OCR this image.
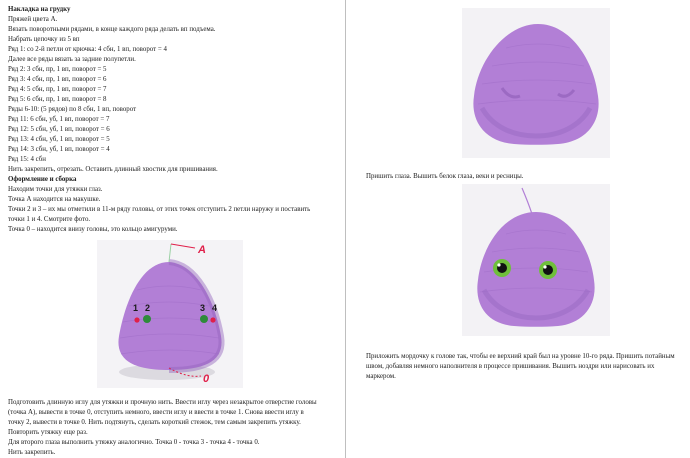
Накладка на грудку
Пряжей цвета А.
Вязать поворотными рядами, в конце каждого ряда делать вп подъема.
Набрать цепочку из 5 вп
Ряд 1: со 2-й петли от крючка: 4 сбн, 1 вп, поворот = 4
Далее все ряды вязать за задние полупетли.
Ряд 2: 3 сбн, пр, 1 вп, поворот = 5
Ряд 3: 4 сбн, пр, 1 вп, поворот = 6
Ряд 4: 5 сбн, пр, 1 вп, поворот = 7
Ряд 5: 6 сбн, пр, 1 вп, поворот = 8
Ряды 6-10: (5 рядов) по 8 сбн, 1 вп, поворот
Ряд 11: 6 сбн, уб, 1 вп, поворот = 7
Ряд 12: 5 сбн, уб, 1 вп, поворот = 6
Ряд 13: 4 сбн, уб, 1 вп, поворот = 5
Ряд 14: 3 сбн, уб, 1 вп, поворот = 4
Ряд 15: 4 сбн
Нить закрепить, отрезать. Оставить длинный хвостик для пришивания.
Оформление и сборка
Находим точки для утяжки глаз.
Точка А находится на макушке.
Точки 2 и 3 – их мы отметили в 11-м ряду головы, от этих точек отступить 2 петли наружу и поставить
точки 1 и 4. Смотрите фото.
Точка 0 – находится внизу головы, это кольцо амигуруми.
A
1 2	3 4
0
Подготовить длинную иглу для утяжки и прочную нить. Ввести иглу через незакрытое отверстие головы
(точка А), вывести в точке 0, отступить немного, ввести иглу и ввести в точке 1. Снова ввести иглу в
точку 2, вывести в точке 0. Нить подтянуть, сделать короткий стежок, тем самым закрепить утяжку.
Повторить утяжку еще раз.
Для второго глаза выполнить утяжку аналогично. Точка 0 - точка 3 - точка 4 - точка 0.
Нить закрепить.
Пришить глаза. Вышить белок глаза, веки и ресницы.
Приложить мордочку к голове так, чтобы ее верхний край был на уровне 10-го ряда. Пришить потайным швом, добавляя немного наполнителя в процессе пришивания. Вышить ноздри или нарисовать их маркером.
